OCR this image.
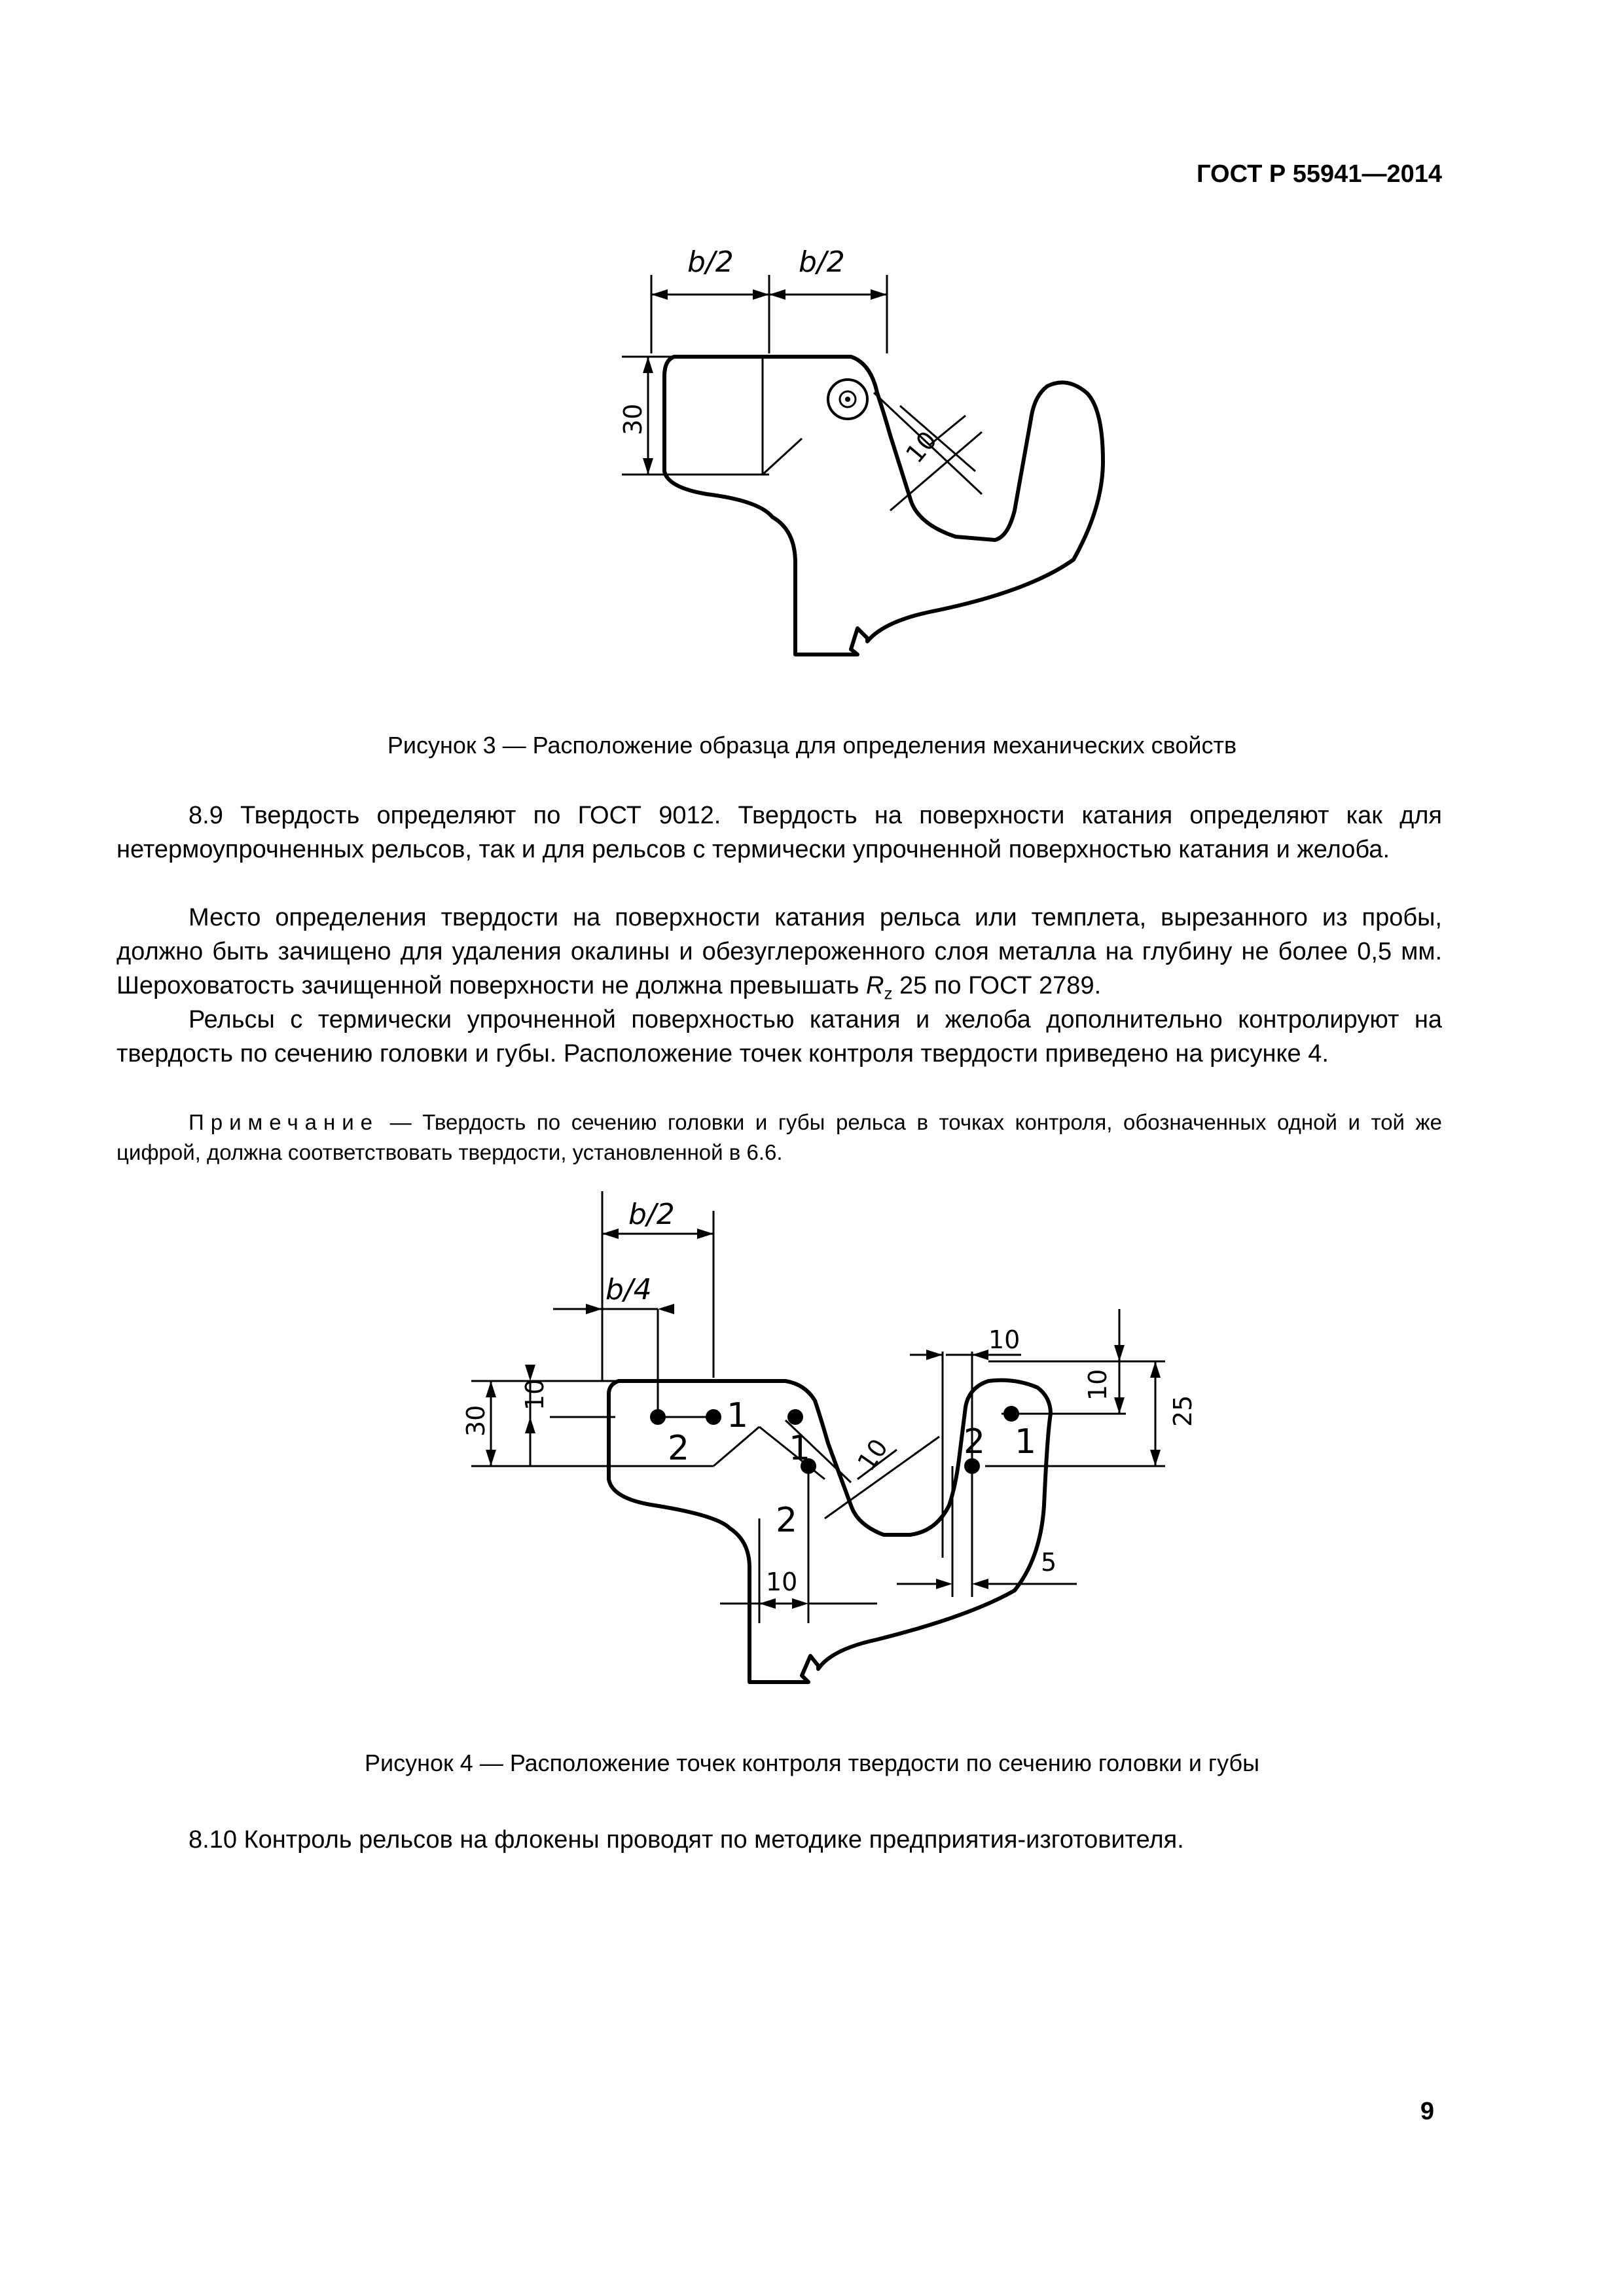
ГОСТ Р 55941—2014
b/2 b/2
30
10
Рисунок 3 — Расположение образца для определения механических свойств
8.9 Твердость определяют по ГОСТ 9012. Твердость на поверхности катания определяют как для нетермоупрочненных рельсов, так и для рельсов с термически упрочненной поверхностью катания и желоба.
Место определения твердости на поверхности катания рельса или темплета, вырезанного из пробы, должно быть зачищено для удаления окалины и обезуглероженного слоя металла на глубину не более 0,5 мм. Шероховатость зачищенной поверхности не должна превышать $R_z$ 25 по ГОСТ 2789.
Рельсы с термически упрочненной поверхностью катания и желоба дополнительно контролируют на твердость по сечению головки и губы. Расположение точек контроля твердости приведено на рисунке 4.
Примечание — Твердость по сечению головки и губы рельса в точках контроля, обозначенных одной и той же цифрой, должна соответствовать твердости, установленной в 6.6.
2
1
1
2
2 1
b/2
b/4
10
30
10
10
25
10
10
5
Рисунок 4 — Расположение точек контроля твердости по сечению головки и губы
8.10 Контроль рельсов на флокены проводят по методике предприятия-изготовителя.
9
